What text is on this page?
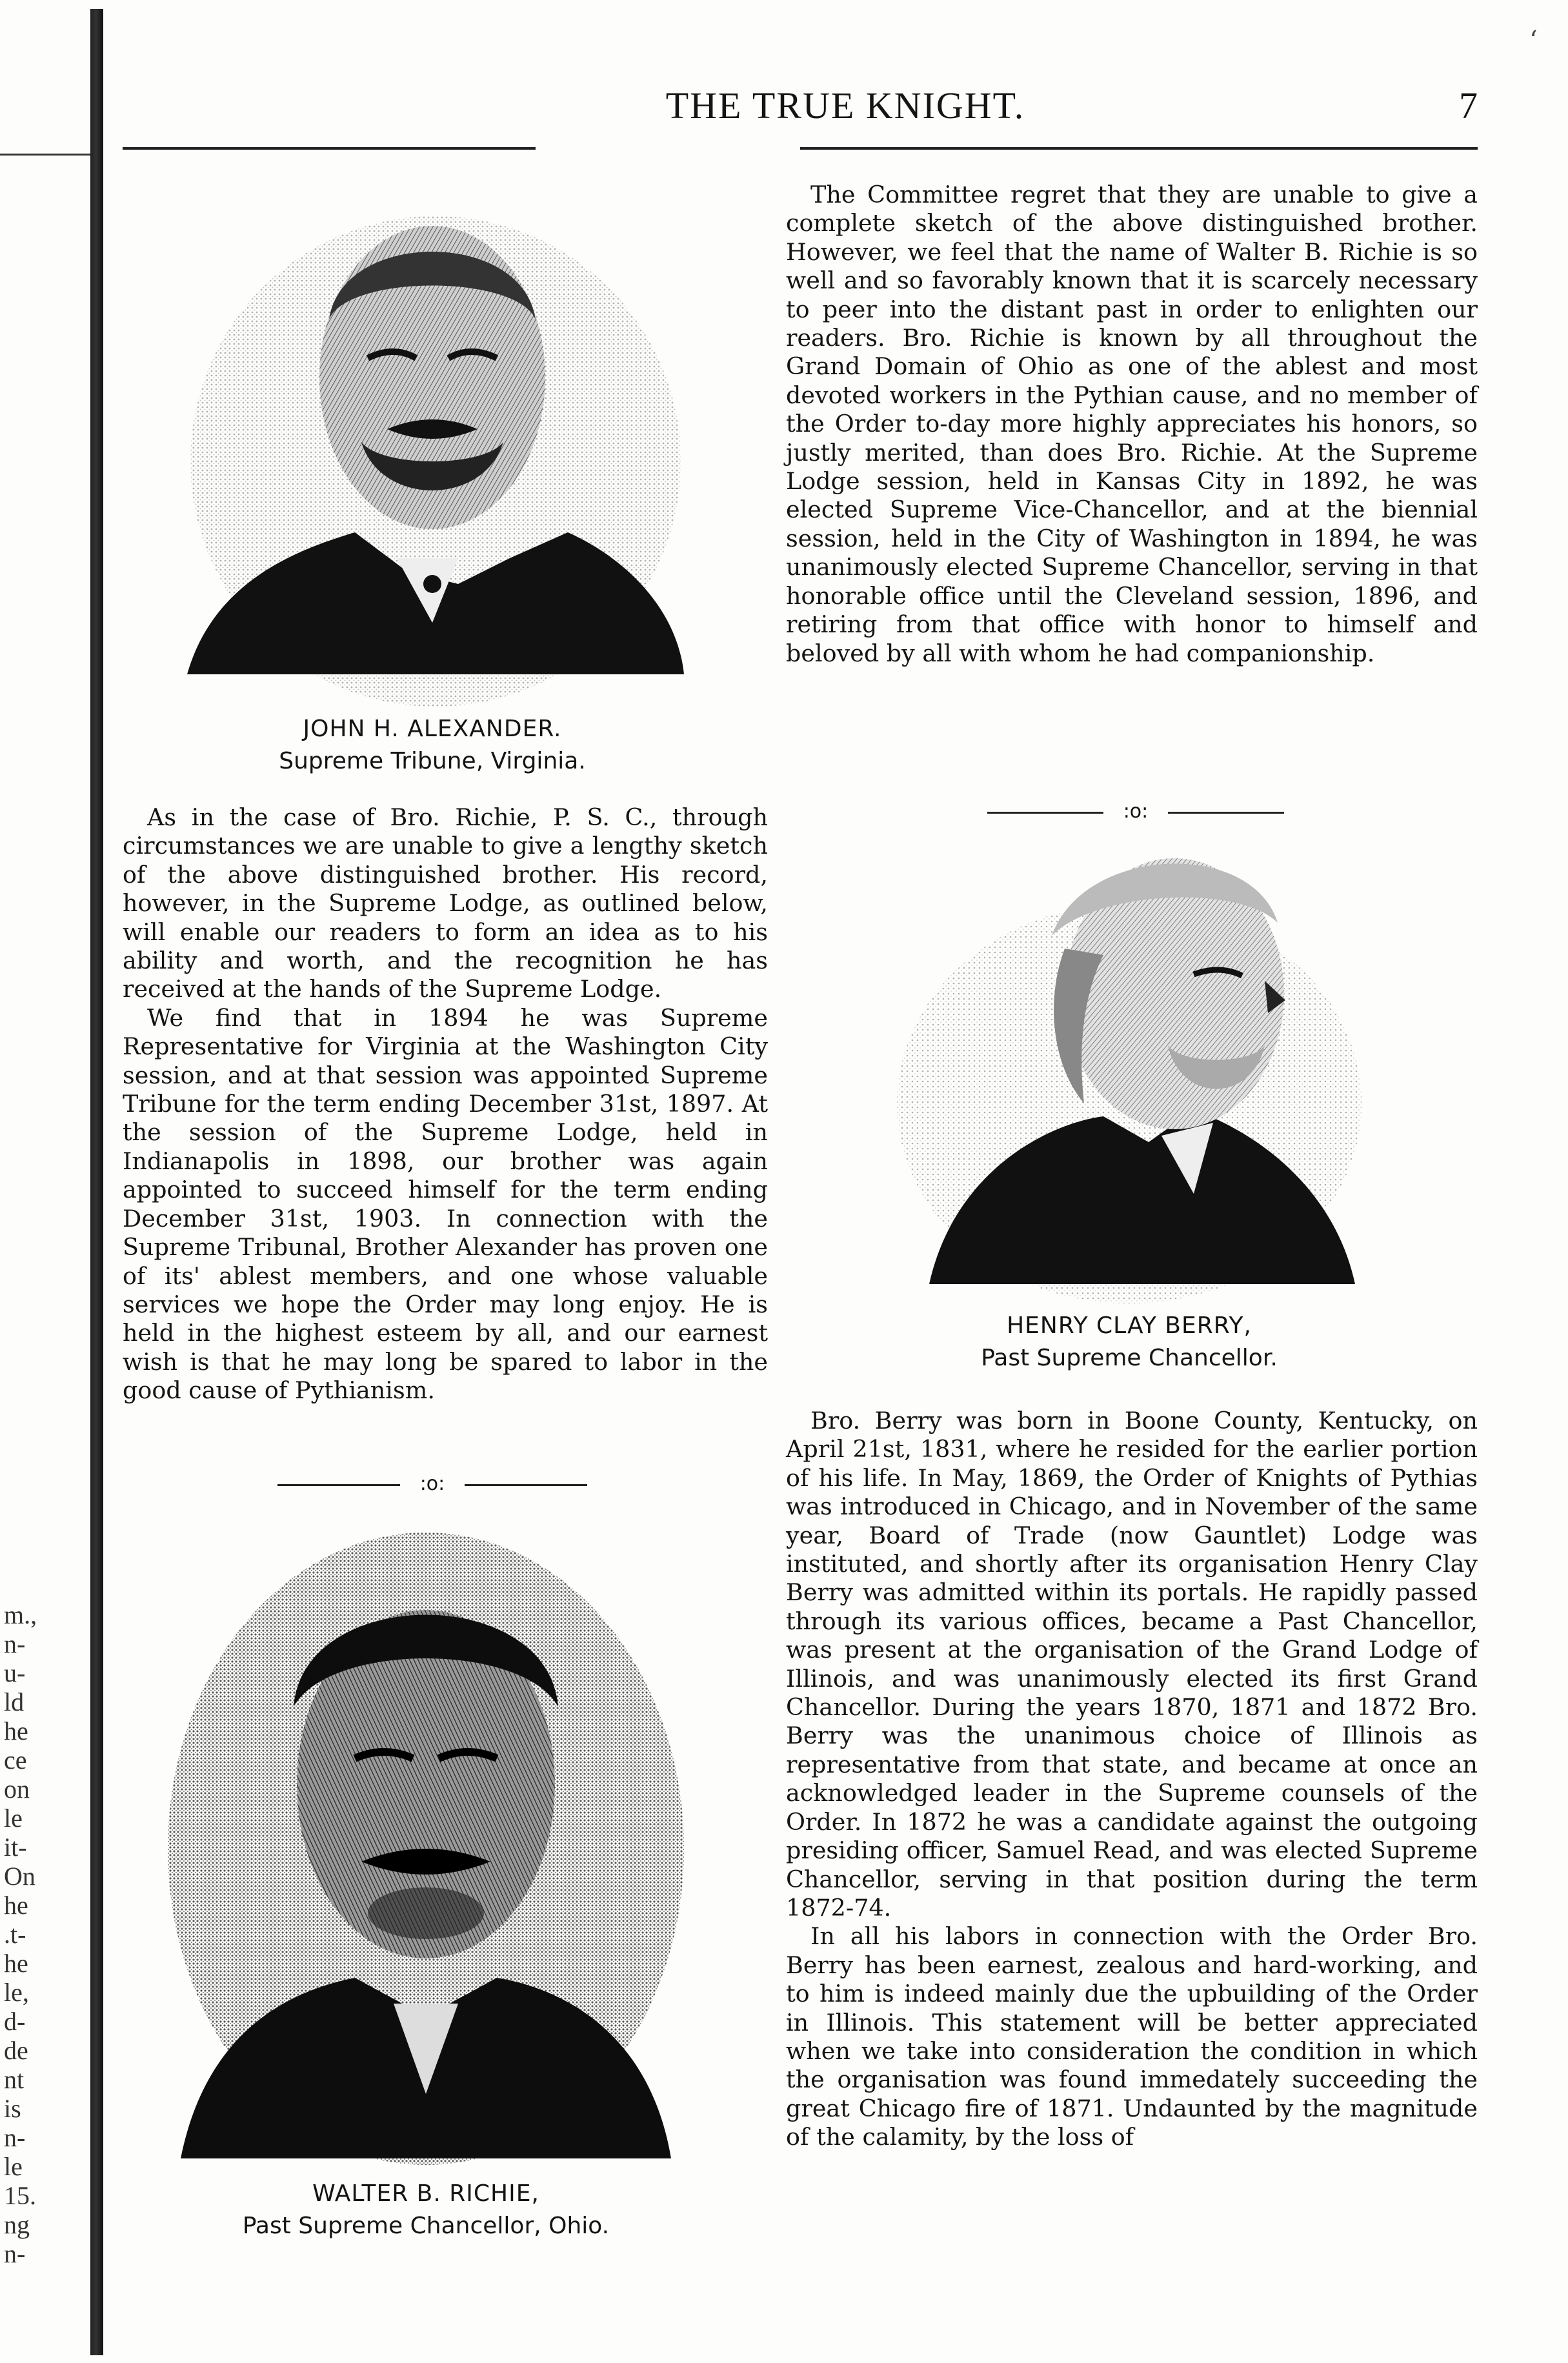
‘
m.,
n-
u-
ld
he
ce
on
le
it-
On
he
.t-
he
le,
d-
de
nt
is
n-
le
15.
ng
n-
THE TRUE KNIGHT.	7
JOHN H. ALEXANDER.
Supreme Tribune, Virginia.

As in the case of Bro. Richie, P. S. C., through circumstances we are unable to give a lengthy sketch of the above distinguished brother. His record, however, in the Supreme Lodge, as outlined below, will enable our readers to form an idea as to his ability and worth, and the recognition he has received at the hands of the Supreme Lodge.

We find that in 1894 he was Supreme Representative for Virginia at the Washington City session, and at that session was appointed Supreme Tribune for the term ending December 31st, 1897. At the session of the Supreme Lodge, held in Indianapolis in 1898, our brother was again appointed to succeed himself for the term ending December 31st, 1903. In connection with the Supreme Tribunal, Brother Alexander has proven one of its' ablest members, and one whose valuable services we hope the Order may long enjoy. He is held in the highest esteem by all, and our earnest wish is that he may long be spared to labor in the good cause of Pythianism.

:o:
WALTER B. RICHIE,
Past Supreme Chancellor, Ohio.

The Committee regret that they are unable to give a complete sketch of the above distinguished brother. However, we feel that the name of Walter B. Richie is so well and so favorably known that it is scarcely necessary to peer into the distant past in order to enlighten our readers. Bro. Richie is known by all throughout the Grand Domain of Ohio as one of the ablest and most devoted workers in the Pythian cause, and no member of the Order to-day more highly appreciates his honors, so justly merited, than does Bro. Richie. At the Supreme Lodge session, held in Kansas City in 1892, he was elected Supreme Vice-Chancellor, and at the biennial session, held in the City of Washington in 1894, he was unanimously elected Supreme Chancellor, serving in that honorable office until the Cleveland session, 1896, and retiring from that office with honor to himself and beloved by all with whom he had companionship.

:o:
HENRY CLAY BERRY,
Past Supreme Chancellor.

Bro. Berry was born in Boone County, Kentucky, on April 21st, 1831, where he resided for the earlier portion of his life. In May, 1869, the Order of Knights of Pythias was introduced in Chicago, and in November of the same year, Board of Trade (now Gauntlet) Lodge was instituted, and shortly after its organisation Henry Clay Berry was admitted within its portals. He rapidly passed through its various offices, became a Past Chancellor, was present at the organisation of the Grand Lodge of Illinois, and was unanimously elected its first Grand Chancellor. During the years 1870, 1871 and 1872 Bro. Berry was the unanimous choice of Illinois as representative from that state, and became at once an acknowledged leader in the Supreme counsels of the Order. In 1872 he was a candidate against the outgoing presiding officer, Samuel Read, and was elected Supreme Chancellor, serving in that position during the term 1872-74.

In all his labors in connection with the Order Bro. Berry has been earnest, zealous and hard-working, and to him is indeed mainly due the upbuilding of the Order in Illinois. This statement will be better appreciated when we take into consideration the condition in which the organisation was found immedately succeeding the great Chicago fire of 1871. Undaunted by the magnitude of the calamity, by the loss of
